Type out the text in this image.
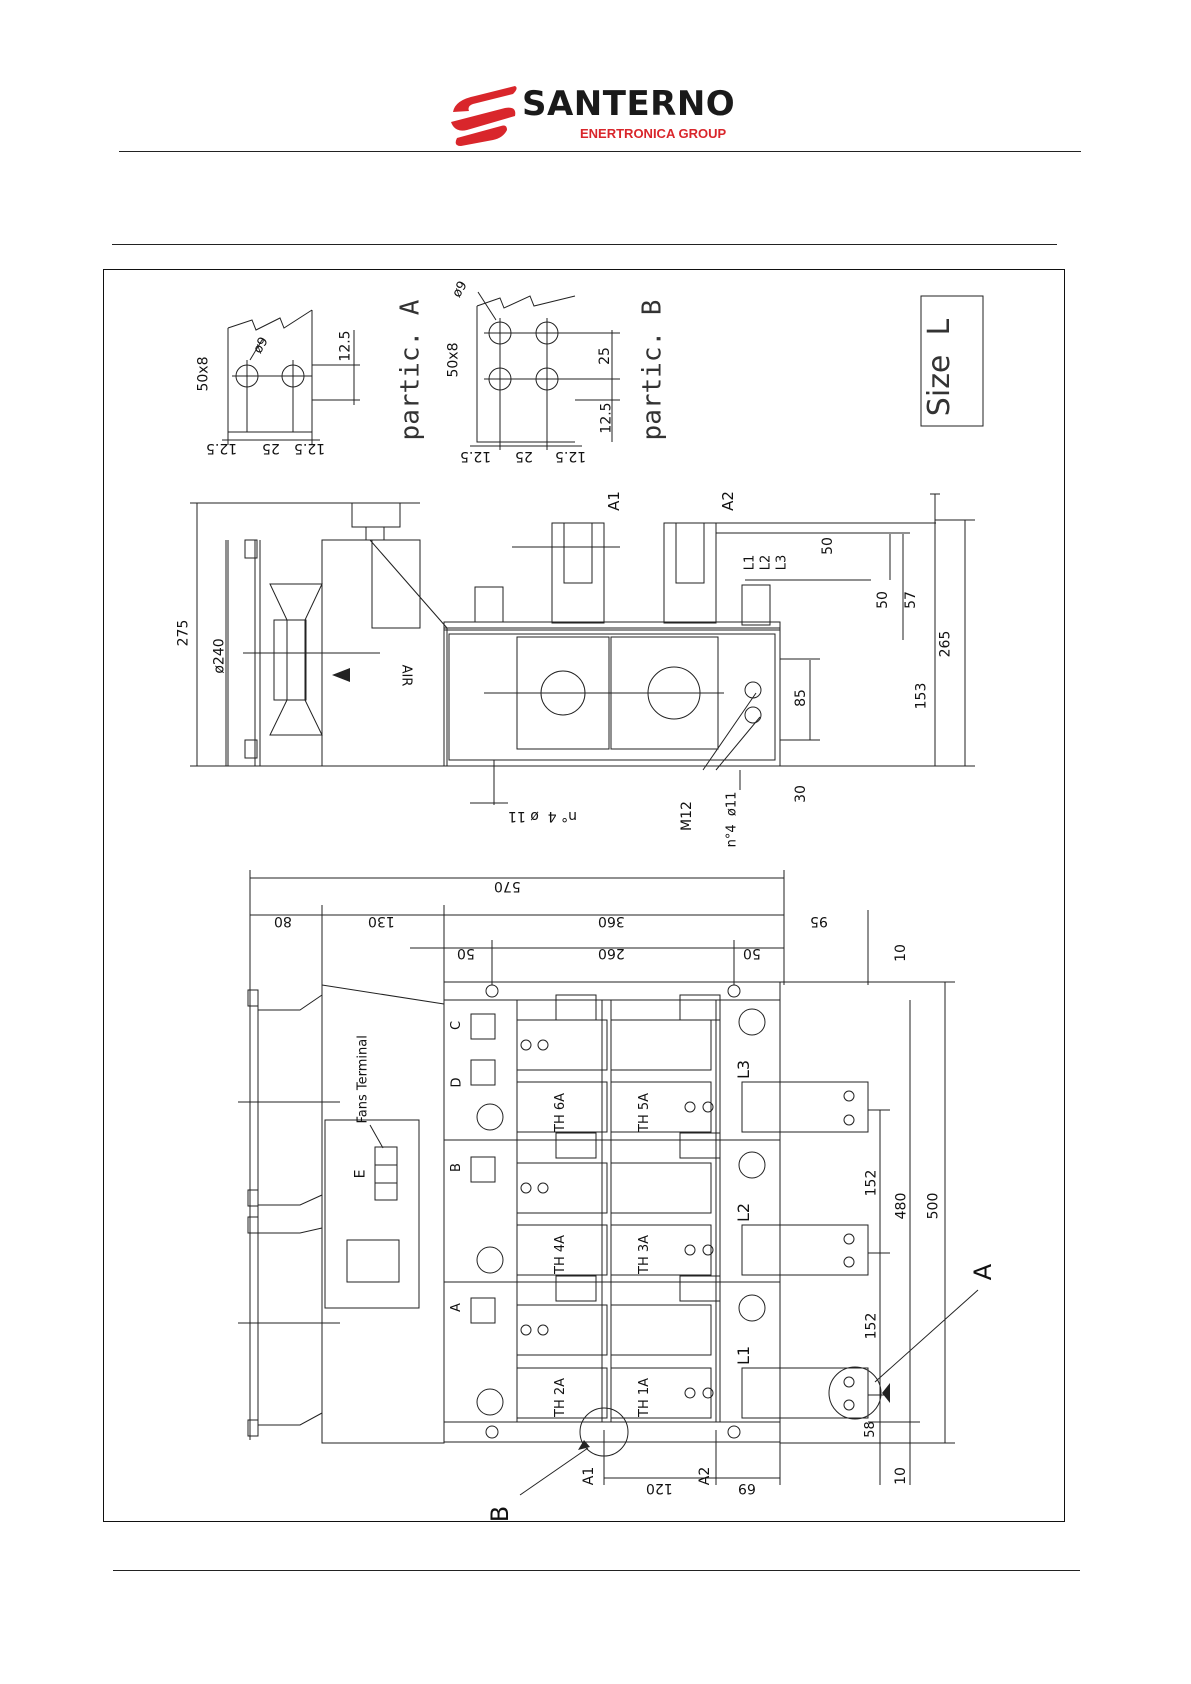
SANTERNO
ENERTRONICA GROUP
Size  L
partic. A	partic. B
50x8
ø9	12.5
12.5 25 12.5
50x8
ø9
25
12.5
12.5 25 12.5
A1	A2
L1 L2 L3
275
ø240
50
50 57
265
85	153
30
AIR
n° 4  ø 11	M12 n°4  ø11
570
80	130	360	95
50	260	50	10
152
152
480 500
58
10
120	69
Fans Terminal
E
C
D
B
A
TH 6A	TH 5A
TH 4A	TH 3A
TH 2A	TH 1A
L3
L2
L1
A1	A2
A
B
